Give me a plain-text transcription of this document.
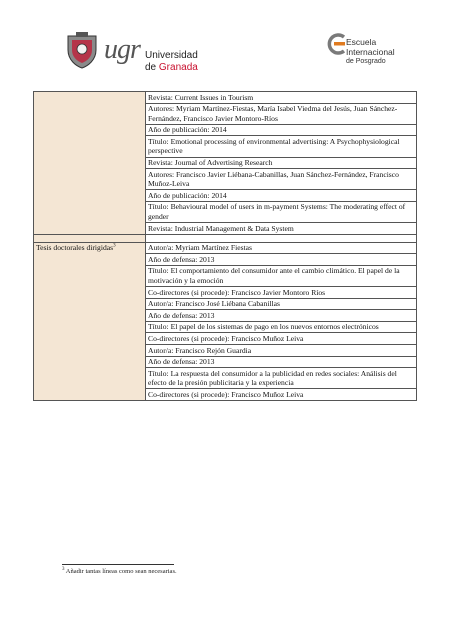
ugr Universidad
de Granada
Escuela
Internacional
de Posgrado
	Revista: Current Issues in Tourism
	Autores: Myriam Martínez-Fiestas, María Isabel Viedma del Jesús, Juan Sánchez-Fernández, Francisco Javier Montoro-Ríos
	Año de publicación: 2014
	Título: Emotional processing of environmental advertising: A Psychophysiological perspective
	Revista: Journal of Advertising Research
	Autores: Francisco Javier Liébana-Cabanillas, Juan Sánchez-Fernández, Francisco Muñoz-Leiva
	Año de publicación: 2014
	Título: Behavioural model of users in m-payment Systems: The moderating effect of gender
	Revista: Industrial Management & Data System

Tesis doctorales dirigidas$^3$	Autor/a: Myriam Martínez Fiestas
	Año de defensa: 2013
	Título: El comportamiento del consumidor ante el cambio climático. El papel de la motivación y la emoción
	Co-directores (si procede): Francisco Javier Montoro Ríos
	Autor/a: Francisco José Liébana Cabanillas
	Año de defensa: 2013
	Título: El papel de los sistemas de pago en los nuevos entornos electrónicos
	Co-directores (si procede): Francisco Muñoz Leiva
	Autor/a: Francisco Rejón Guardia
	Año de defensa: 2013
	Título: La respuesta del consumidor a la publicidad en redes sociales: Análisis del efecto de la presión publicitaria y la experiencia
	Co-directores (si procede): Francisco Muñoz Leiva
$^3$ Añadir tantas líneas como sean necesarias.
